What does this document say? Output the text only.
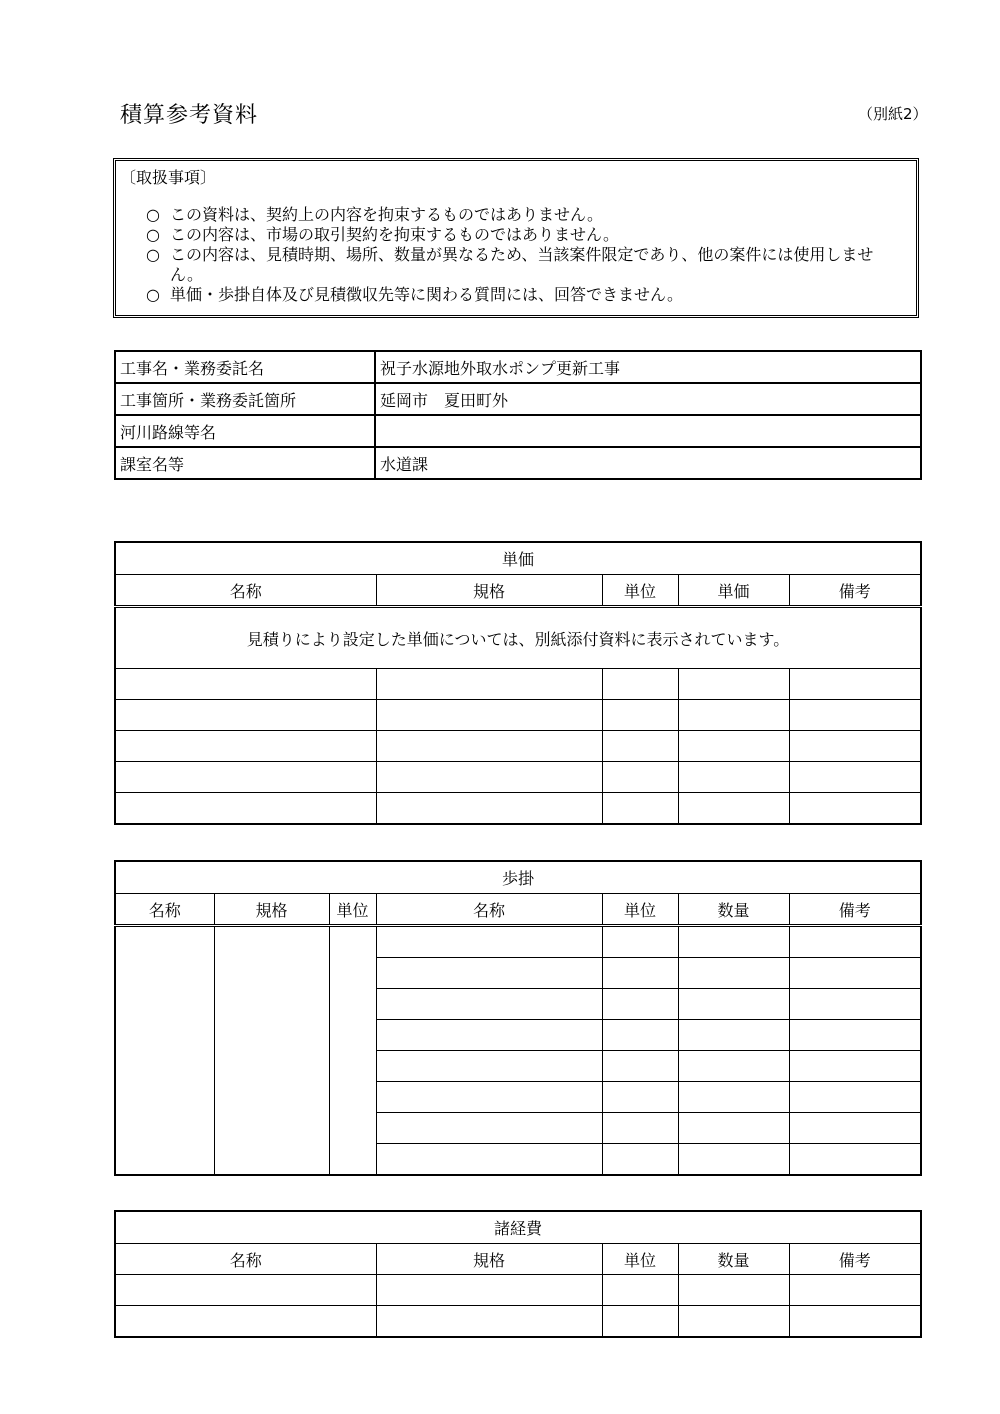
積算参考資料	（別紙2）
〔取扱事項〕
○ この資料は、契約上の内容を拘束するものではありません。
○ この内容は、市場の取引契約を拘束するものではありません。
○ この内容は、見積時期、場所、数量が異なるため、当該案件限定であり、他の案件には使用しません。
○ 単価・歩掛自体及び見積徴収先等に関わる質問には、回答できません。
工事名・業務委託名	祝子水源地外取水ポンプ更新工事
工事箇所・業務委託箇所	延岡市　夏田町外
河川路線等名	
課室名等	水道課
単価				
名称	規格	単位	単価	備考
見積りにより設定した単価については、別紙添付資料に表示されています。				

歩掛						
名称	規格	単位	名称	単位	数量	備考

諸経費				
名称	規格	単位	数量	備考
